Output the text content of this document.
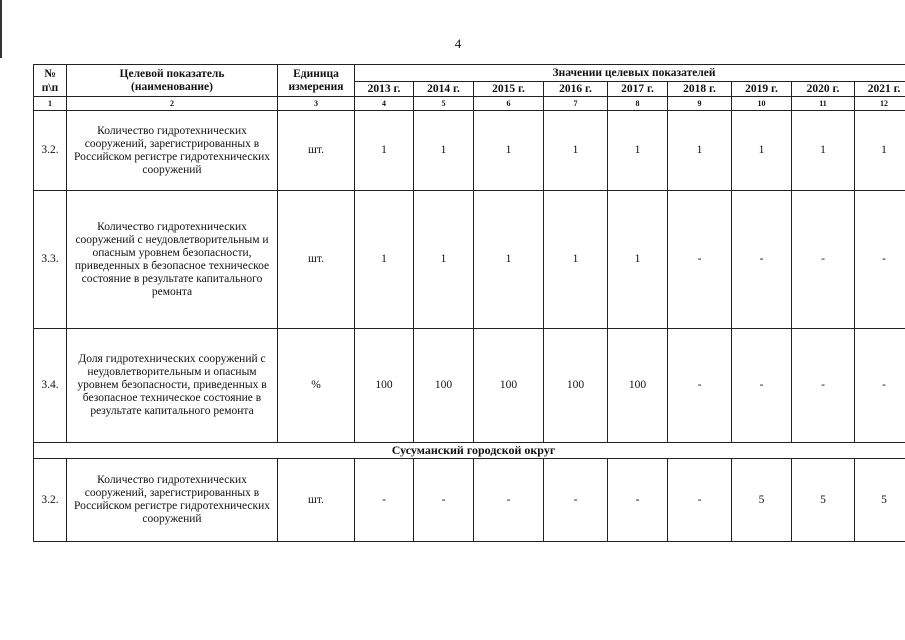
4
№
п\п	Целевой показатель (наименование)	Единица измерения	Значении целевых показателей								
			2013 г.	2014 г.	2015 г.	2016 г.	2017 г.	2018 г.	2019 г.	2020 г.	2021 г.
1	2	3	4	5	6	7	8	9	10	11	12
3.2.	Количество гидротехнических сооружений, зарегистрированных в Российском регистре гидротехнических сооружений	шт.	1	1	1	1	1	1	1	1	1
3.3.	Количество гидротехнических сооружений с неудовлетворительным и опасным уровнем безопасности, приведенных в безопасное техническое состояние в результате капитального ремонта	шт.	1	1	1	1	1	-	-	-	-
3.4.	Доля гидротехнических сооружений с неудовлетворительным и опасным уровнем безопасности, приведенных в безопасное техническое состояние в результате капитального ремонта	%	100	100	100	100	100	-	-	-	-
Сусуманский городской округ											
3.2.	Количество гидротехнических сооружений, зарегистрированных в Российском регистре гидротехнических сооружений	шт.	-	-	-	-	-	-	5	5	5
